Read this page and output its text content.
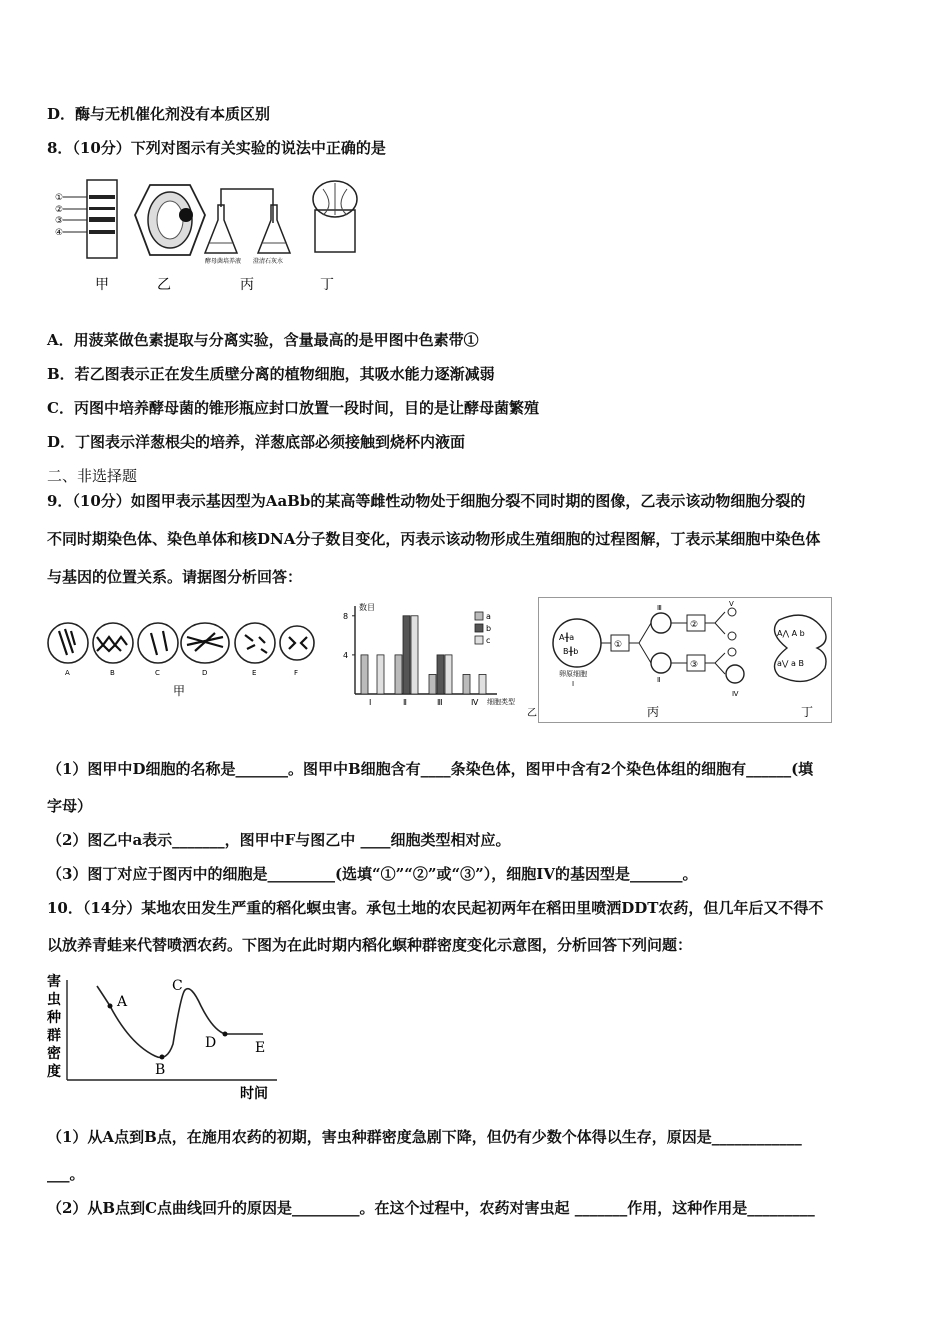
D．酶与无机催化剂没有本质区别
8．（10分）下列对图示有关实验的说法中正确的是
①
②
③
④
酵母菌培养液 澄清石灰水
甲	乙	丙	丁
A．用菠菜做色素提取与分离实验，含量最高的是甲图中色素带①
B．若乙图表示正在发生质壁分离的植物细胞，其吸水能力逐渐减弱
C．丙图中培养酵母菌的锥形瓶应封口放置一段时间，目的是让酵母菌繁殖
D．丁图表示洋葱根尖的培养，洋葱底部必须接触到烧杯内液面
二、非选择题
9．（10分）如图甲表示基因型为AaBb的某高等雌性动物处于细胞分裂不同时期的图像，乙表示该动物细胞分裂的
不同时期染色体、染色单体和核DNA分子数目变化，丙表示该动物形成生殖细胞的过程图解，丁表示某细胞中染色体
与基因的位置关系。请据图分析回答：
A	B	C	D	E	F
甲
数目
细胞类型
4
8
Ⅰ	Ⅱ	Ⅲ	Ⅳ
a
b
c
乙
A╫a
B╫b
卵原细胞
Ⅰ
①
Ⅲ
Ⅱ
②
③
Ⅴ
Ⅳ
丙
A⋀ A b
a⋁ a B
丁
（1）图甲中D细胞的名称是_______。图甲中B细胞含有____条染色体，图甲中含有2个染色体组的细胞有______(填
字母）
（2）图乙中a表示_______，图甲中F与图乙中 ____细胞类型相对应。
（3）图丁对应于图丙中的细胞是_________(选填“①”“②”或“③”），细胞IV的基因型是_______。
10．（14分）某地农田发生严重的稻化螟虫害。承包土地的农民起初两年在稻田里喷洒DDT农药，但几年后又不得不
以放养青蛙来代替喷洒农药。下图为在此时期内稻化螟种群密度变化示意图，分析回答下列问题：
害虫种群密度
A
B
C
D	E
时间
（1）从A点到B点，在施用农药的初期，害虫种群密度急剧下降，但仍有少数个体得以生存，原因是____________
___。
（2）从B点到C点曲线回升的原因是_________。在这个过程中，农药对害虫起 _______作用，这种作用是_________
